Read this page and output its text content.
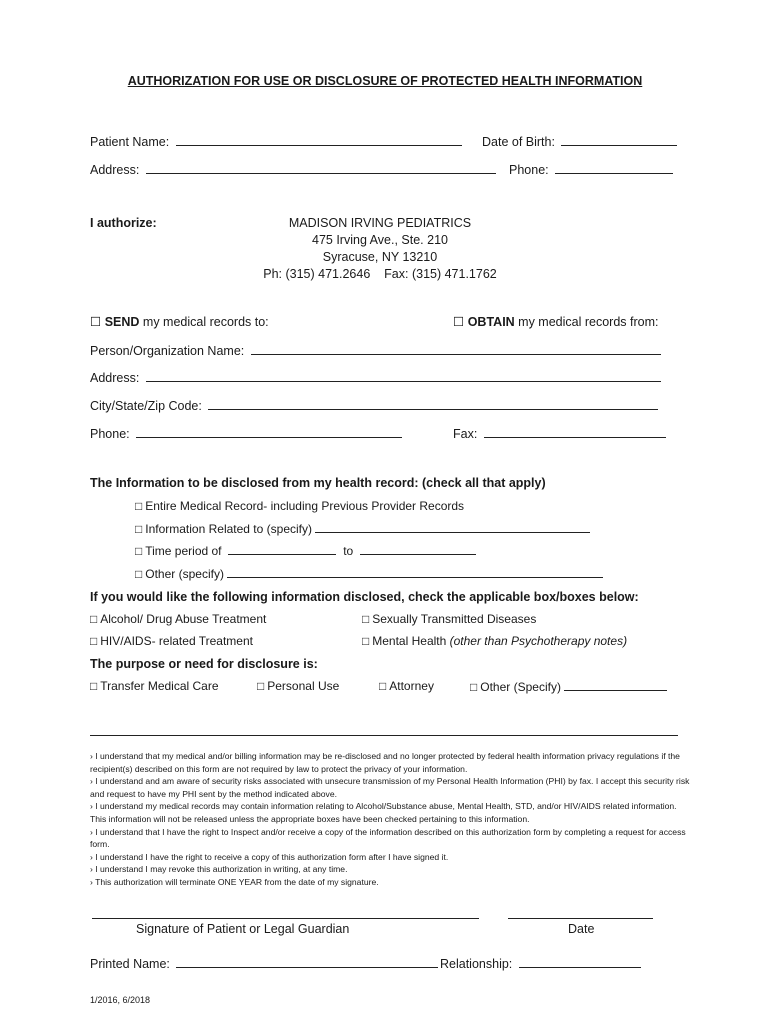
AUTHORIZATION FOR USE OR DISCLOSURE OF PROTECTED HEALTH INFORMATION
Patient Name:	Date of Birth:
Address:	Phone:
I authorize:	MADISON IRVING PEDIATRICS
475 Irving Ave., Ste. 210
Syracuse, NY 13210
Ph: (315) 471.2646    Fax: (315) 471.1762
☐ SEND my medical records to:	☐ OBTAIN my medical records from:
Person/Organization Name:
Address:
City/State/Zip Code:
Phone:	Fax:
The Information to be disclosed from my health record: (check all that apply)
□ Entire Medical Record- including Previous Provider Records
□ Information Related to (specify)
□ Time period of	to
□ Other (specify)
If you would like the following information disclosed, check the applicable box/boxes below:
□ Alcohol/ Drug Abuse Treatment	□ Sexually Transmitted Diseases
□ HIV/AIDS- related Treatment	□ Mental Health (other than Psychotherapy notes)
The purpose or need for disclosure is:
□ Transfer Medical Care	□ Personal Use	□ Attorney	□ Other (Specify)
› I understand that my medical and/or billing information may be re-disclosed and no longer protected by federal health information privacy regulations if the recipient(s) described on this form are not required by law to protect the privacy of your information.
› I understand and am aware of security risks associated with unsecure transmission of my Personal Health Information (PHI) by fax. I accept this security risk and request to have my PHI sent by the method indicated above.
› I understand my medical records may contain information relating to Alcohol/Substance abuse, Mental Health, STD, and/or HIV/AIDS related information. This information will not be released unless the appropriate boxes have been checked pertaining to this information.
› I understand that I have the right to Inspect and/or receive a copy of the information described on this authorization form by completing a request for access form.
› I understand I have the right to receive a copy of this authorization form after I have signed it.
› I understand I may revoke this authorization in writing, at any time.
› This authorization will terminate ONE YEAR from the date of my signature.
Signature of Patient or Legal Guardian	Date
Printed Name:	Relationship:
1/2016, 6/2018
